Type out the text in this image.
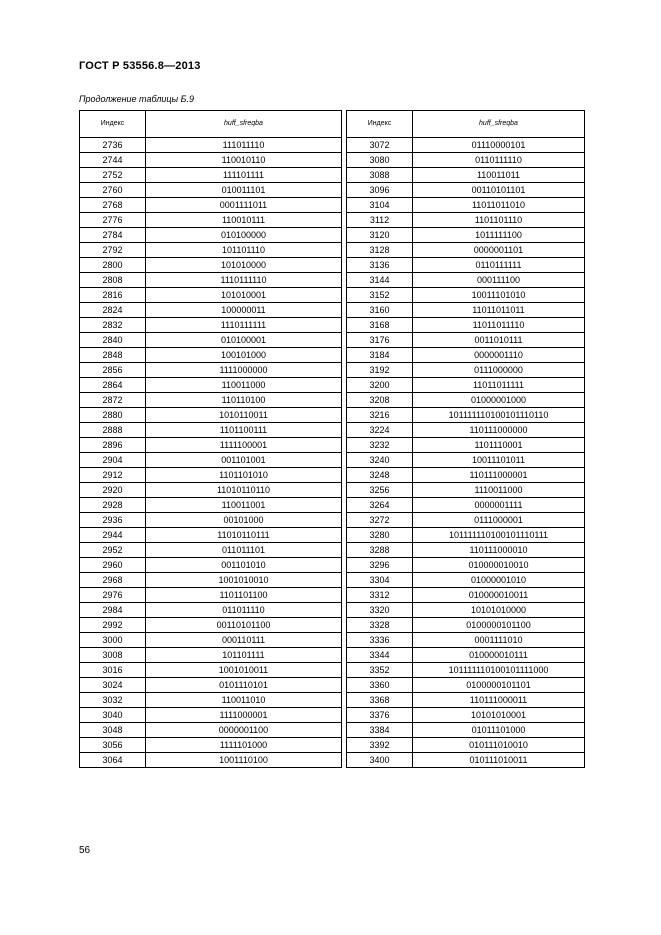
ГОСТ Р 53556.8—2013
Продолжение таблицы Б.9
Индекс	huff_sfreqba
2736	111011110
2744	110010110
2752	111101111
2760	010011101
2768	0001111011
2776	110010111
2784	010100000
2792	101101110
2800	101010000
2808	1110111110
2816	101010001
2824	100000011
2832	1110111111
2840	010100001
2848	100101000
2856	1111000000
2864	110011000
2872	110110100
2880	1010110011
2888	1101100111
2896	1111100001
2904	001101001
2912	1101101010
2920	11010110110
2928	110011001
2936	00101000
2944	11010110111
2952	011011101
2960	001101010
2968	1001010010
2976	1101101100
2984	011011110
2992	00110101100
3000	000110111
3008	101101111
3016	1001010011
3024	0101110101
3032	110011010
3040	1111000001
3048	0000001100
3056	1111101000
3064	1001110100
Индекс	huff_sfreqba
3072	01110000101
3080	0110111110
3088	110011011
3096	00110101101
3104	11011011010
3112	1101101110
3120	1011111100
3128	0000001101
3136	0110111111
3144	000111100
3152	10011101010
3160	11011011011
3168	11011011110
3176	0011010111
3184	0000001110
3192	0111000000
3200	11011011111
3208	01000001000
3216	101111110100101110110
3224	110111000000
3232	1101110001
3240	10011101011
3248	110111000001
3256	1110011000
3264	0000001111
3272	0111000001
3280	101111110100101110111
3288	110111000010
3296	010000010010
3304	01000001010
3312	010000010011
3320	10101010000
3328	0100000101100
3336	0001111010
3344	010000010111
3352	101111110100101111000
3360	0100000101101
3368	110111000011
3376	10101010001
3384	01011101000
3392	010111010010
3400	010111010011
56
